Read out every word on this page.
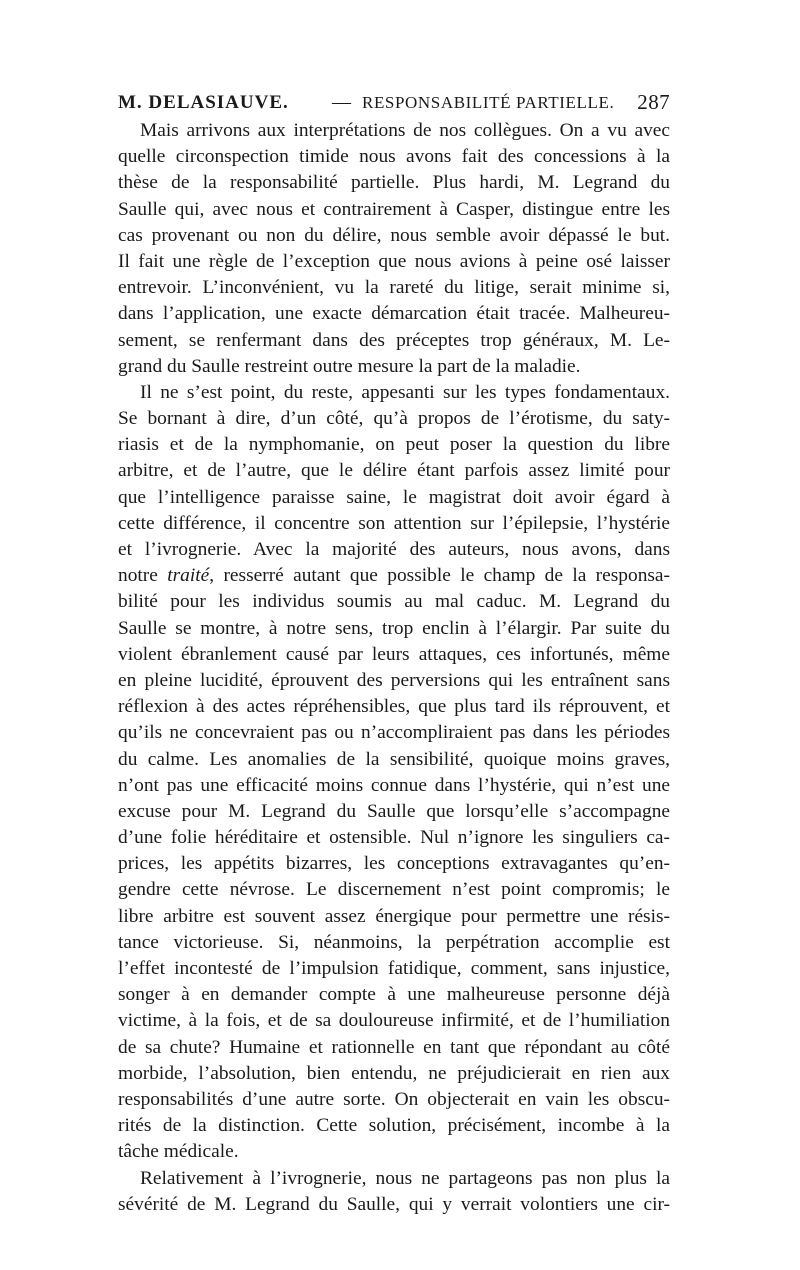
M. DELASIAUVE. — RESPONSABILITÉ PARTIELLE. 287
Mais arrivons aux interprétations de nos collègues. On a vu avec
quelle circonspection timide nous avons fait des concessions à la
thèse de la responsabilité partielle. Plus hardi, M. Legrand du
Saulle qui, avec nous et contrairement à Casper, distingue entre les
cas provenant ou non du délire, nous semble avoir dépassé le but.
Il fait une règle de l’exception que nous avions à peine osé laisser
entrevoir. L’inconvénient, vu la rareté du litige, serait minime si,
dans l’application, une exacte démarcation était tracée. Malheureu-
sement, se renfermant dans des préceptes trop généraux, M. Le-
grand du Saulle restreint outre mesure la part de la maladie.
Il ne s’est point, du reste, appesanti sur les types fondamentaux.
Se bornant à dire, d’un côté, qu’à propos de l’érotisme, du saty-
riasis et de la nymphomanie, on peut poser la question du libre
arbitre, et de l’autre, que le délire étant parfois assez limité pour
que l’intelligence paraisse saine, le magistrat doit avoir égard à
cette différence, il concentre son attention sur l’épilepsie, l’hystérie
et l’ivrognerie. Avec la majorité des auteurs, nous avons, dans
notre traité, resserré autant que possible le champ de la responsa-
bilité pour les individus soumis au mal caduc. M. Legrand du
Saulle se montre, à notre sens, trop enclin à l’élargir. Par suite du
violent ébranlement causé par leurs attaques, ces infortunés, même
en pleine lucidité, éprouvent des perversions qui les entraînent sans
réflexion à des actes répréhensibles, que plus tard ils réprouvent, et
qu’ils ne concevraient pas ou n’accompliraient pas dans les périodes
du calme. Les anomalies de la sensibilité, quoique moins graves,
n’ont pas une efficacité moins connue dans l’hystérie, qui n’est une
excuse pour M. Legrand du Saulle que lorsqu’elle s’accompagne
d’une folie héréditaire et ostensible. Nul n’ignore les singuliers ca-
prices, les appétits bizarres, les conceptions extravagantes qu’en-
gendre cette névrose. Le discernement n’est point compromis; le
libre arbitre est souvent assez énergique pour permettre une résis-
tance victorieuse. Si, néanmoins, la perpétration accomplie est
l’effet incontesté de l’impulsion fatidique, comment, sans injustice,
songer à en demander compte à une malheureuse personne déjà
victime, à la fois, et de sa douloureuse infirmité, et de l’humiliation
de sa chute? Humaine et rationnelle en tant que répondant au côté
morbide, l’absolution, bien entendu, ne préjudicierait en rien aux
responsabilités d’une autre sorte. On objecterait en vain les obscu-
rités de la distinction. Cette solution, précisément, incombe à la
tâche médicale.
Relativement à l’ivrognerie, nous ne partageons pas non plus la
sévérité de M. Legrand du Saulle, qui y verrait volontiers une cir-
